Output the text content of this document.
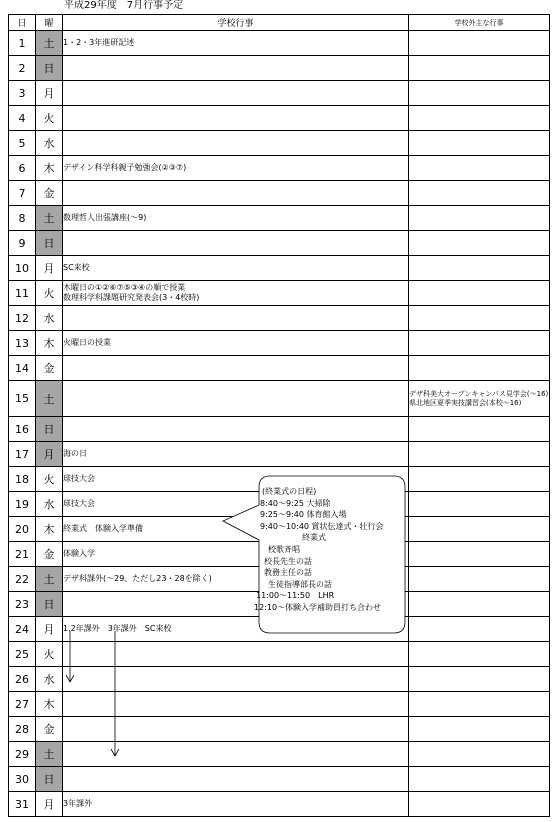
平成29年度　7月行事予定
日	曜	学校行事	学校外主な行事
1	土	1・2・3年進研記述	
2	日		
3	月		
4	火		
5	水		
6	木	デザイン科学科親子勉強会(②③⑦)	
7	金		
8	土	数理哲人出張講座(～9)	
9	日		
10	月	SC来校	
11	火	木曜日の①②⑥⑦⑤③④の順で授業
数理科学科課題研究発表会(3・4校時)	
12	水		
13	木	火曜日の授業	
14	金		
15	土		デザ科美大オープンキャンパス見学会(～16)　県北地区夏季実技講習会(本校～16)
16	日		
17	月	海の日	
18	火	球技大会	
19	水	球技大会	
20	木	終業式　体験入学準備	
21	金	体験入学	
22	土	デザ科課外(～29、ただし23・28を除く)	
23	日		
24	月	1.2年課外　3年課外　SC来校	
25	火		
26	水		
27	木		
28	金		
29	土		
30	日		
31	月	3年課外	
(終業式の日程)
8:40～9:25 大掃除
9:25～9:40 体育館入場
9:40～10:40 賞状伝達式・壮行会
終業式
校歌斉唱
校長先生の話
教務主任の話
生徒指導部長の話
11:00～11:50　LHR
12:10～体験入学補助員打ち合わせ
